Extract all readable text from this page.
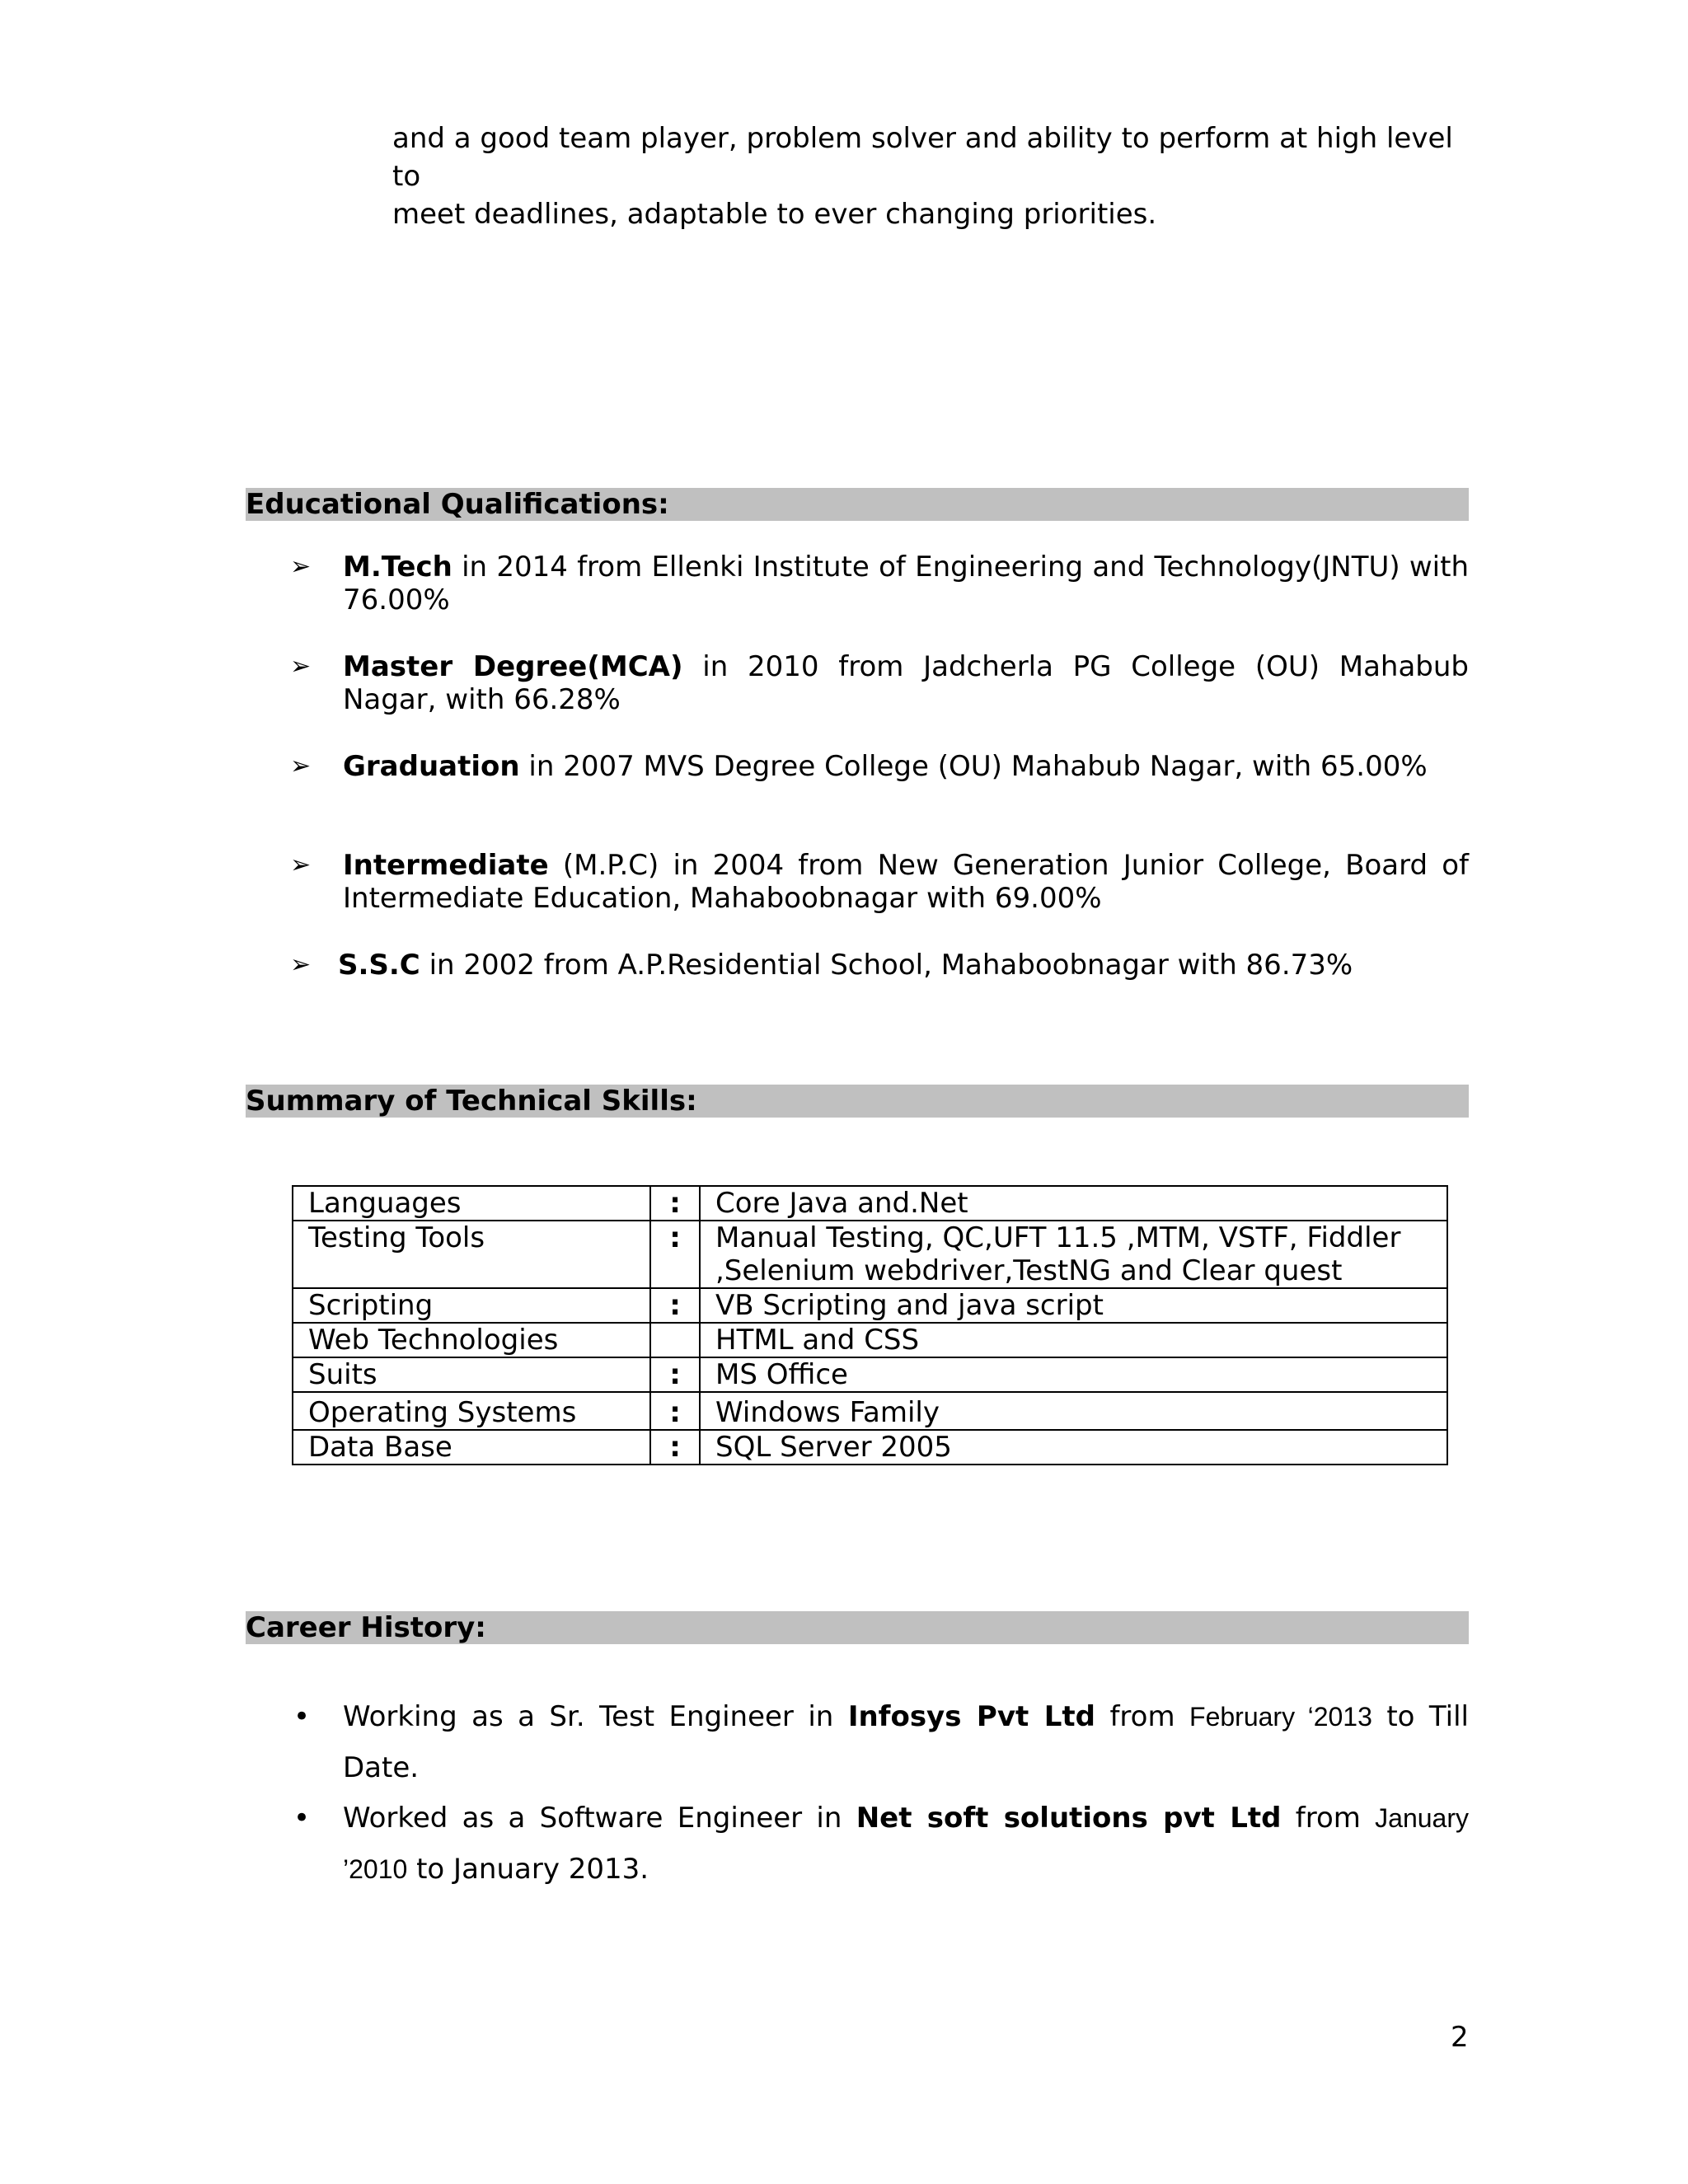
and a good team player, problem solver and ability to perform at high level to

meet deadlines, adaptable to ever changing priorities.

Educational Qualifications:
➢ M.Tech in 2014 from Ellenki Institute of Engineering and Technology(JNTU) with 76.00%
➢ Master Degree(MCA) in 2010 from Jadcherla PG College (OU) Mahabub Nagar, with 66.28%
➢ Graduation in 2007 MVS Degree College (OU) Mahabub Nagar, with 65.00%
➢ Intermediate (M.P.C) in 2004 from New Generation Junior College, Board of Intermediate Education, Mahaboobnagar with 69.00%
➢ S.S.C in 2002 from A.P.Residential School, Mahaboobnagar with 86.73%
Summary of Technical Skills:
Languages	:	Core Java and.Net
Testing Tools	:	Manual Testing, QC,UFT 11.5 ,MTM, VSTF, Fiddler ,Selenium webdriver,TestNG and Clear quest
Scripting	:	VB Scripting and java script
Web Technologies		HTML and CSS
Suits	:	MS Office
Operating Systems	:	Windows Family
Data Base	:	SQL Server 2005
Career History:
• Working as a Sr. Test Engineer in Infosys Pvt Ltd from February ‘2013 to Till Date.
• Worked as a Software Engineer in Net soft solutions pvt Ltd from January ’2010 to January 2013.
2
